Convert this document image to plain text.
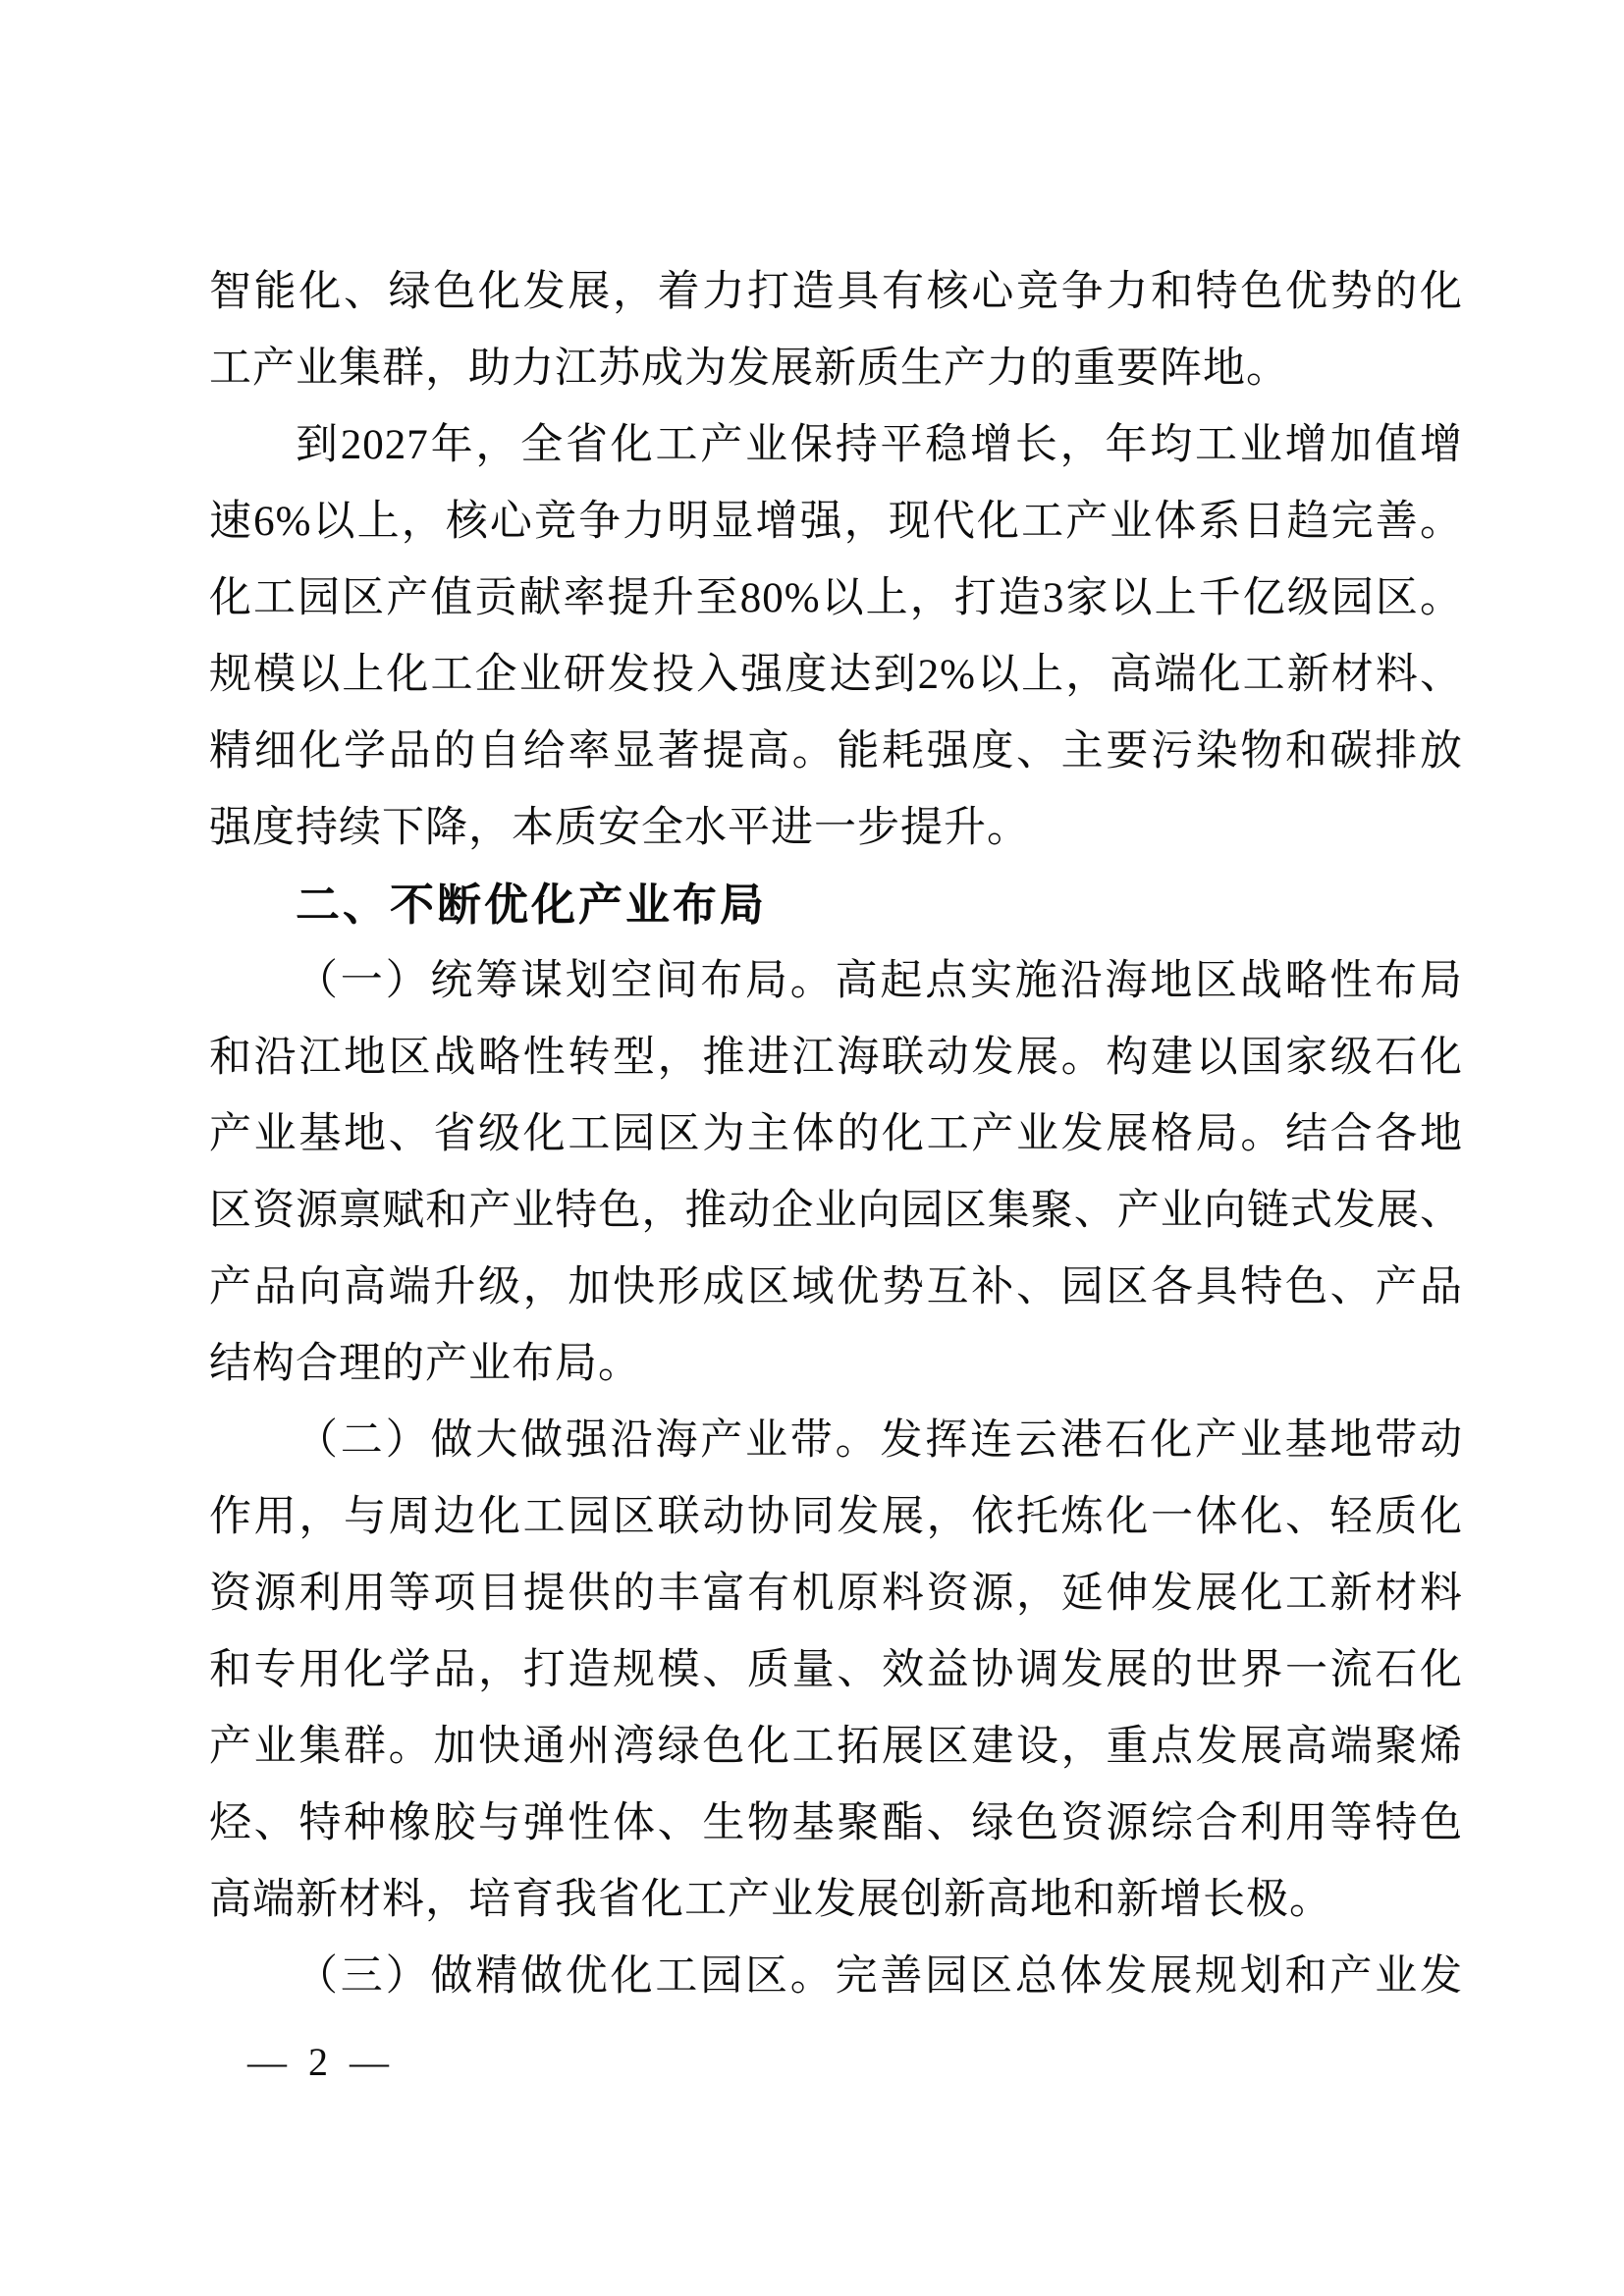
智能化、绿色化发展，着力打造具有核心竞争力和特色优势的化
工产业集群，助力江苏成为发展新质生产力的重要阵地。
到2027年，全省化工产业保持平稳增长，年均工业增加值增
速6%以上，核心竞争力明显增强，现代化工产业体系日趋完善。
化工园区产值贡献率提升至80%以上，打造3家以上千亿级园区。
规模以上化工企业研发投入强度达到2%以上，高端化工新材料、
精细化学品的自给率显著提高。能耗强度、主要污染物和碳排放
强度持续下降，本质安全水平进一步提升。
二、不断优化产业布局
（一）统筹谋划空间布局。高起点实施沿海地区战略性布局
和沿江地区战略性转型，推进江海联动发展。构建以国家级石化
产业基地、省级化工园区为主体的化工产业发展格局。结合各地
区资源禀赋和产业特色，推动企业向园区集聚、产业向链式发展、
产品向高端升级，加快形成区域优势互补、园区各具特色、产品
结构合理的产业布局。
（二）做大做强沿海产业带。发挥连云港石化产业基地带动
作用，与周边化工园区联动协同发展，依托炼化一体化、轻质化
资源利用等项目提供的丰富有机原料资源，延伸发展化工新材料
和专用化学品，打造规模、质量、效益协调发展的世界一流石化
产业集群。加快通州湾绿色化工拓展区建设，重点发展高端聚烯
烃、特种橡胶与弹性体、生物基聚酯、绿色资源综合利用等特色
高端新材料，培育我省化工产业发展创新高地和新增长极。
（三）做精做优化工园区。完善园区总体发展规划和产业发
— 2 —
